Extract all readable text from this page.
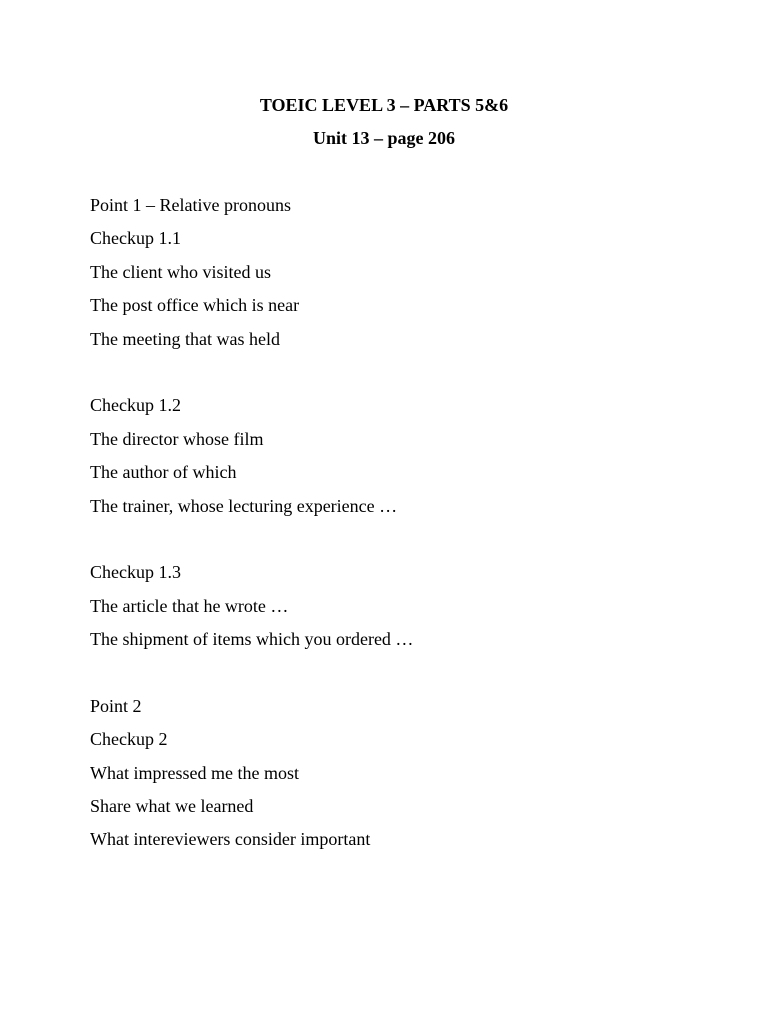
TOEIC LEVEL 3 – PARTS 5&6
Unit 13 – page 206
Point 1 – Relative pronouns
Checkup 1.1
The client who visited us
The post office which is near
The meeting that was held
Checkup 1.2
The director whose film
The author of which
The trainer, whose lecturing experience …
Checkup 1.3
The article that he wrote …
The shipment of items which you ordered …
Point 2
Checkup 2
What impressed me the most
Share what we learned
What intereviewers consider important
